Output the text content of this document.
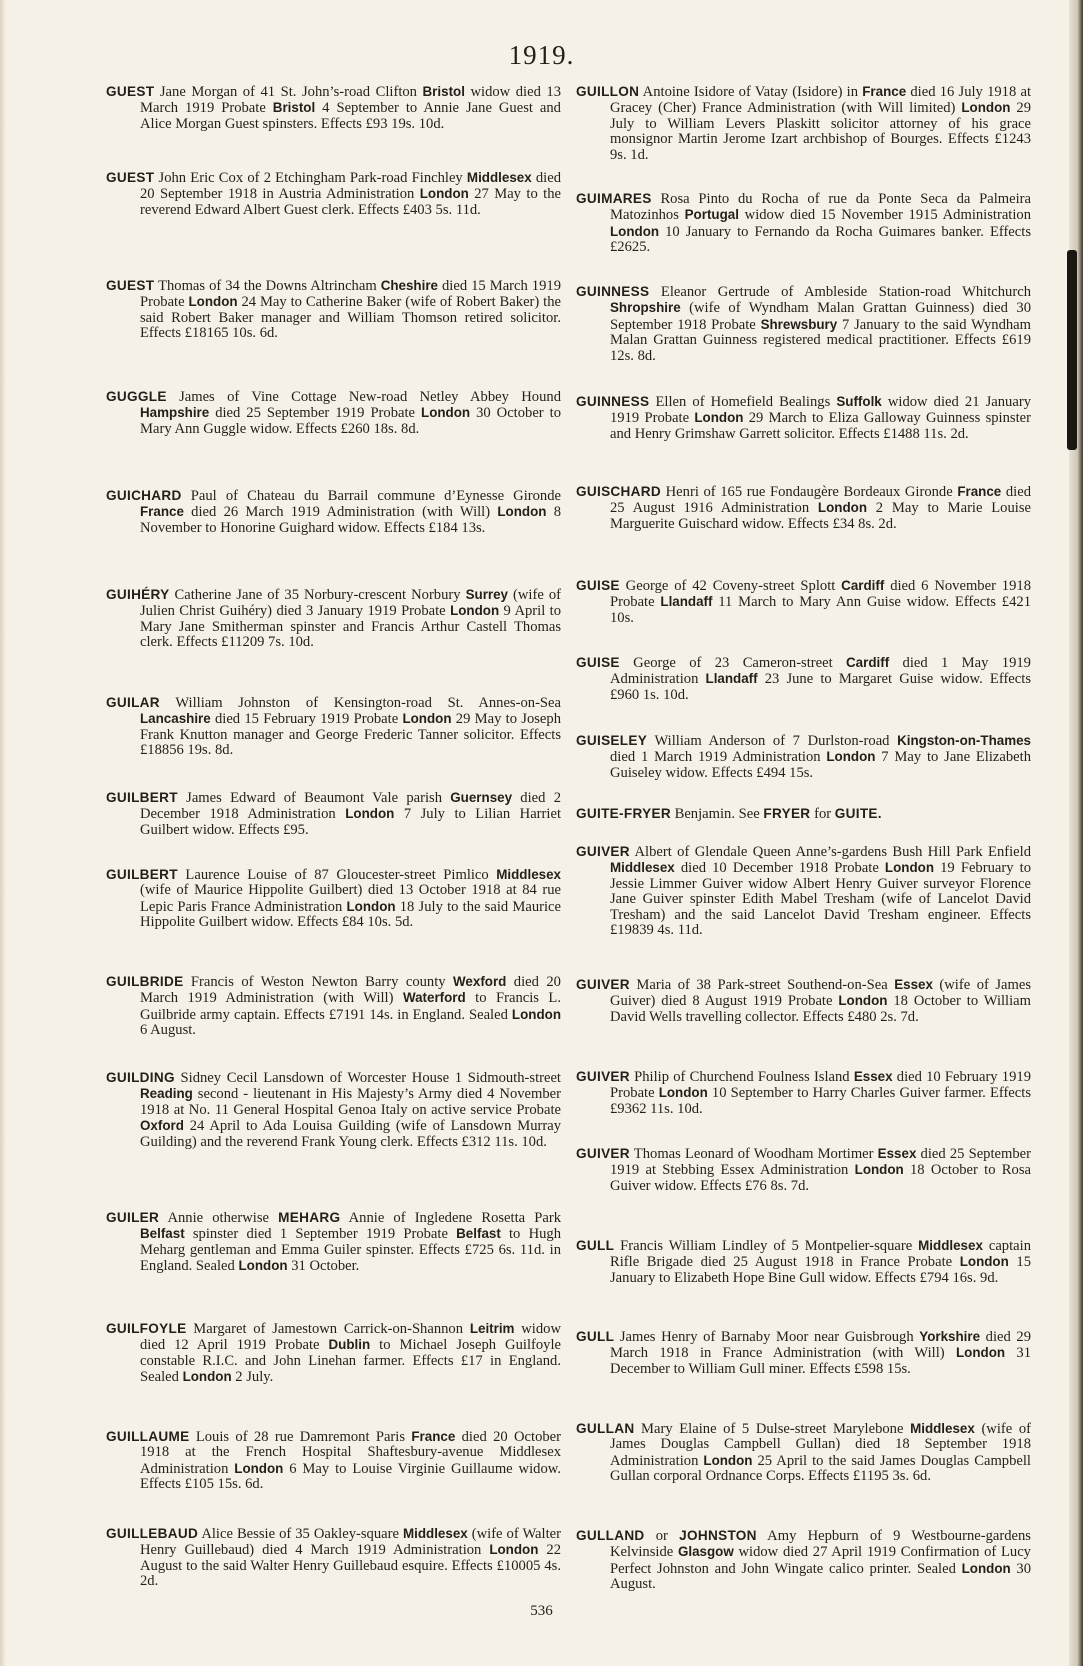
1919.

GUEST Jane Morgan of 41 St. John’s-road Clifton Bristol widow died 13 March 1919 Probate Bristol 4 September to Annie Jane Guest and Alice Morgan Guest spinsters. Effects £93 19s. 10d.

GUEST John Eric Cox of 2 Etchingham Park-road Finchley Middlesex died 20 September 1918 in Austria Administration London 27 May to the reverend Edward Albert Guest clerk. Effects £403 5s. 11d.

GUEST Thomas of 34 the Downs Altrincham Cheshire died 15 March 1919 Probate London 24 May to Catherine Baker (wife of Robert Baker) the said Robert Baker manager and William Thomson retired solicitor. Effects £18165 10s. 6d.

GUGGLE James of Vine Cottage New-road Netley Abbey Hound Hampshire died 25 September 1919 Probate London 30 October to Mary Ann Guggle widow. Effects £260 18s. 8d.

GUICHARD Paul of Chateau du Barrail commune d’Eynesse Gironde France died 26 March 1919 Administration (with Will) London 8 November to Honorine Guighard widow. Effects £184 13s.

GUIHÉRY Catherine Jane of 35 Norbury-crescent Norbury Surrey (wife of Julien Christ Guihéry) died 3 January 1919 Probate London 9 April to Mary Jane Smitherman spinster and Francis Arthur Castell Thomas clerk. Effects £11209 7s. 10d.

GUILAR William Johnston of Kensington-road St. Annes-on-Sea Lancashire died 15 February 1919 Probate London 29 May to Joseph Frank Knutton manager and George Frederic Tanner solicitor. Effects £18856 19s. 8d.

GUILBERT James Edward of Beaumont Vale parish Guernsey died 2 December 1918 Administration London 7 July to Lilian Harriet Guilbert widow. Effects £95.

GUILBERT Laurence Louise of 87 Gloucester-street Pimlico Middlesex (wife of Maurice Hippolite Guilbert) died 13 October 1918 at 84 rue Lepic Paris France Administration London 18 July to the said Maurice Hippolite Guilbert widow. Effects £84 10s. 5d.

GUILBRIDE Francis of Weston Newton Barry county Wexford died 20 March 1919 Administration (with Will) Waterford to Francis L. Guilbride army captain. Effects £7191 14s. in England. Sealed London 6 August.

GUILDING Sidney Cecil Lansdown of Worcester House 1 Sidmouth-street Reading second - lieutenant in His Majesty’s Army died 4 November 1918 at No. 11 General Hospital Genoa Italy on active service Probate Oxford 24 April to Ada Louisa Guilding (wife of Lansdown Murray Guilding) and the reverend Frank Young clerk. Effects £312 11s. 10d.

GUILER Annie otherwise MEHARG Annie of Ingledene Rosetta Park Belfast spinster died 1 September 1919 Probate Belfast to Hugh Meharg gentleman and Emma Guiler spinster. Effects £725 6s. 11d. in England. Sealed London 31 October.

GUILFOYLE Margaret of Jamestown Carrick-on-Shannon Leitrim widow died 12 April 1919 Probate Dublin to Michael Joseph Guilfoyle constable R.I.C. and John Linehan farmer. Effects £17 in England. Sealed London 2 July.

GUILLAUME Louis of 28 rue Damremont Paris France died 20 October 1918 at the French Hospital Shaftesbury-avenue Middlesex Administration London 6 May to Louise Virginie Guillaume widow. Effects £105 15s. 6d.

GUILLEBAUD Alice Bessie of 35 Oakley-square Middlesex (wife of Walter Henry Guillebaud) died 4 March 1919 Administration London 22 August to the said Walter Henry Guillebaud esquire. Effects £10005 4s. 2d.

GUILLON Antoine Isidore of Vatay (Isidore) in France died 16 July 1918 at Gracey (Cher) France Administration (with Will limited) London 29 July to William Levers Plaskitt solicitor attorney of his grace monsignor Martin Jerome Izart archbishop of Bourges. Effects £1243 9s. 1d.

GUIMARES Rosa Pinto du Rocha of rue da Ponte Seca da Palmeira Matozinhos Portugal widow died 15 November 1915 Administration London 10 January to Fernando da Rocha Guimares banker. Effects £2625.

GUINNESS Eleanor Gertrude of Ambleside Station-road Whitchurch Shropshire (wife of Wyndham Malan Grattan Guinness) died 30 September 1918 Probate Shrewsbury 7 January to the said Wyndham Malan Grattan Guinness registered medical practitioner. Effects £619 12s. 8d.

GUINNESS Ellen of Homefield Bealings Suffolk widow died 21 January 1919 Probate London 29 March to Eliza Galloway Guinness spinster and Henry Grimshaw Garrett solicitor. Effects £1488 11s. 2d.

GUISCHARD Henri of 165 rue Fondaugère Bordeaux Gironde France died 25 August 1916 Administration London 2 May to Marie Louise Marguerite Guischard widow. Effects £34 8s. 2d.

GUISE George of 42 Coveny-street Splott Cardiff died 6 November 1918 Probate Llandaff 11 March to Mary Ann Guise widow. Effects £421 10s.

GUISE George of 23 Cameron-street Cardiff died 1 May 1919 Administration Llandaff 23 June to Margaret Guise widow. Effects £960 1s. 10d.

GUISELEY William Anderson of 7 Durlston-road Kingston-on-Thames died 1 March 1919 Administration London 7 May to Jane Elizabeth Guiseley widow. Effects £494 15s.

GUITE-FRYER Benjamin. See FRYER for GUITE.

GUIVER Albert of Glendale Queen Anne’s-gardens Bush Hill Park Enfield Middlesex died 10 December 1918 Probate London 19 February to Jessie Limmer Guiver widow Albert Henry Guiver surveyor Florence Jane Guiver spinster Edith Mabel Tresham (wife of Lancelot David Tresham) and the said Lancelot David Tresham engineer. Effects £19839 4s. 11d.

GUIVER Maria of 38 Park-street Southend-on-Sea Essex (wife of James Guiver) died 8 August 1919 Probate London 18 October to William David Wells travelling collector. Effects £480 2s. 7d.

GUIVER Philip of Churchend Foulness Island Essex died 10 February 1919 Probate London 10 September to Harry Charles Guiver farmer. Effects £9362 11s. 10d.

GUIVER Thomas Leonard of Woodham Mortimer Essex died 25 September 1919 at Stebbing Essex Administration London 18 October to Rosa Guiver widow. Effects £76 8s. 7d.

GULL Francis William Lindley of 5 Montpelier-square Middlesex captain Rifle Brigade died 25 August 1918 in France Probate London 15 January to Elizabeth Hope Bine Gull widow. Effects £794 16s. 9d.

GULL James Henry of Barnaby Moor near Guisbrough Yorkshire died 29 March 1918 in France Administration (with Will) London 31 December to William Gull miner. Effects £598 15s.

GULLAN Mary Elaine of 5 Dulse-street Marylebone Middlesex (wife of James Douglas Campbell Gullan) died 18 September 1918 Administration London 25 April to the said James Douglas Campbell Gullan corporal Ordnance Corps. Effects £1195 3s. 6d.

GULLAND or JOHNSTON Amy Hepburn of 9 Westbourne-gardens Kelvinside Glasgow widow died 27 April 1919 Confirmation of Lucy Perfect Johnston and John Wingate calico printer. Sealed London 30 August.

536
